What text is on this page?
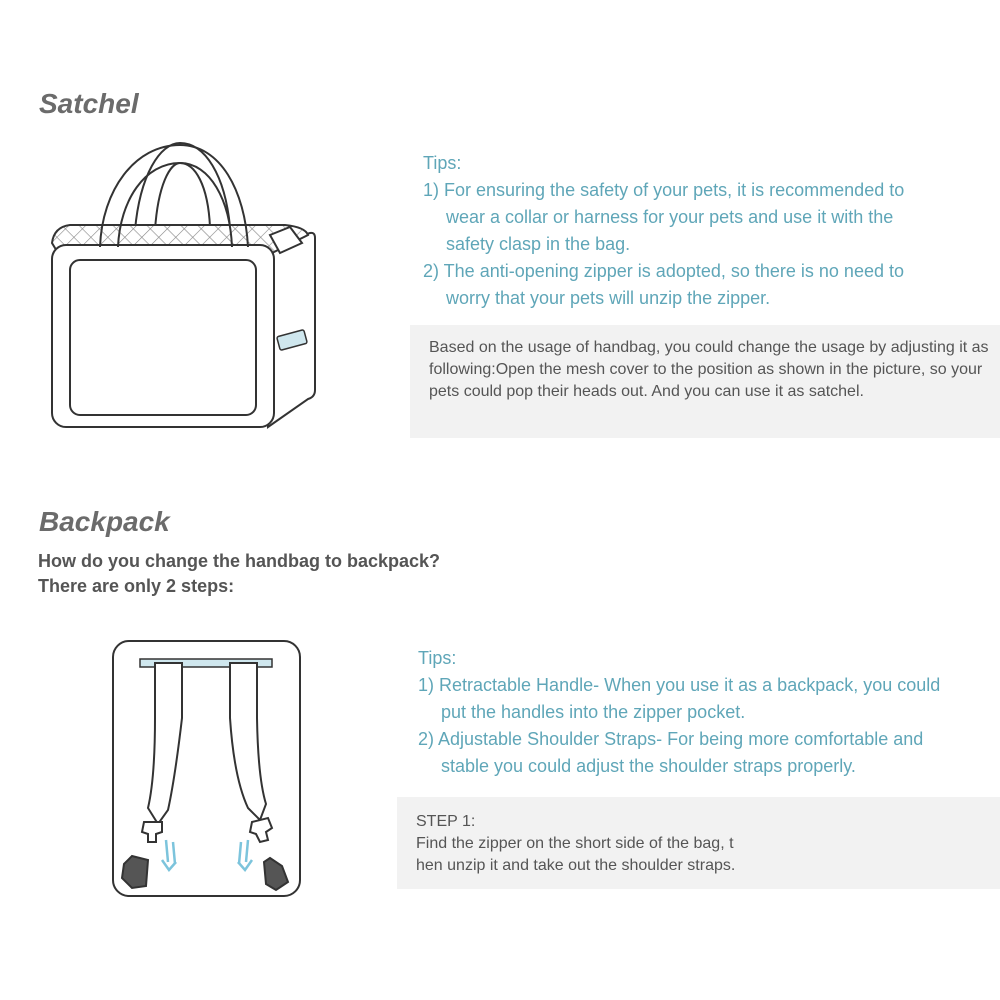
Satchel

Tips:

1) For ensuring the safety of your pets, it is recommended to wear a collar or harness for your pets and use it with the safety clasp in the bag.

2) The anti-opening zipper is adopted, so there is no need to worry that your pets will unzip the zipper.

Based on the usage of handbag, you could change the usage by adjusting it as following:Open the mesh cover to the position as shown in the picture, so your pets could pop their heads out. And you can use it as satchel.
Backpack

How do you change the handbag to backpack?

There are only 2 steps:

Tips:

1) Retractable Handle- When you use it as a backpack, you could put the handles into the zipper pocket.

2) Adjustable Shoulder Straps- For being more comfortable and stable you could adjust the shoulder straps properly.

STEP 1:
Find the zipper on the short side of the bag, t
hen unzip it and take out the shoulder straps.
